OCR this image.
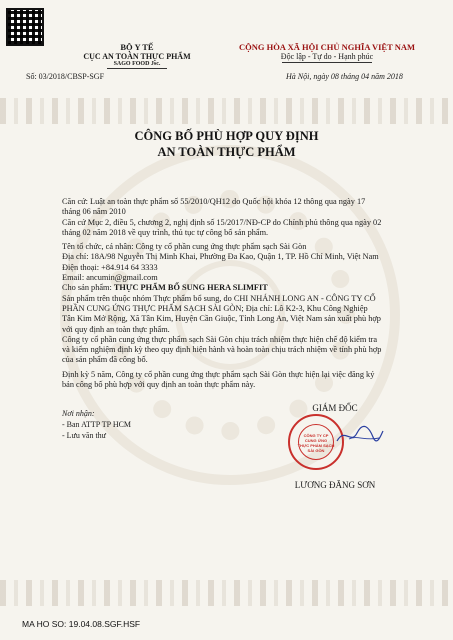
BỘ Y TẾ
CỤC AN TOÀN THỰC PHẨM
SAGO FOOD Jsc.
CỘNG HÒA XÃ HỘI CHỦ NGHĨA VIỆT NAM
Độc lập - Tự do - Hạnh phúc
Số: 03/2018/CBSP-SGF	Hà Nội, ngày 08 tháng 04 năm 2018
CÔNG BỐ PHÙ HỢP QUY ĐỊNH
AN TOÀN THỰC PHẨM

Căn cứ: Luật an toàn thực phẩm số 55/2010/QH12 do Quốc hội khóa 12 thông qua ngày 17 tháng 06 năm 2010

Căn cứ Mục 2, điều 5, chương 2, nghị định số 15/2017/NĐ-CP do Chính phủ thông qua ngày 02 tháng 02 năm 2018 về quy trình, thủ tục tự công bố sản phẩm.

Tên tổ chức, cá nhân: Công ty cổ phần cung ứng thực phẩm sạch Sài Gòn

Địa chỉ: 18A/98 Nguyễn Thị Minh Khai, Phường Đa Kao, Quận 1, TP. Hồ Chí Minh, Việt Nam

Điện thoại: +84.914 64 3333

Email: ancumin@gmail.com

Cho sản phẩm: THỰC PHẨM BỔ SUNG HERA SLIMFIT

Sản phẩm trên thuộc nhóm Thực phẩm bổ sung, do CHI NHÁNH LONG AN - CÔNG TY CỔ PHẦN CUNG ỨNG THỰC PHẨM SẠCH SÀI GÒN; Địa chỉ: Lô K2-3, Khu Công Nghiệp Tân Kim Mở Rộng, Xã Tân Kim, Huyện Cần Giuộc, Tỉnh Long An, Việt Nam sản xuất phù hợp với quy định an toàn thực phẩm.

Công ty cổ phần cung ứng thực phẩm sạch Sài Gòn chịu trách nhiệm thực hiện chế độ kiểm tra và kiểm nghiệm định kỳ theo quy định hiện hành và hoàn toàn chịu trách nhiệm về tính phù hợp của sản phẩm đã công bố.

Định kỳ 5 năm, Công ty cổ phần cung ứng thực phẩm sạch Sài Gòn thực hiện lại việc đăng ký bản công bố phù hợp với quy định an toàn thực phẩm này.

Nơi nhận:
- Ban ATTP TP HCM
- Lưu văn thư
GIÁM ĐỐC
CÔNG TY CP
CUNG ỨNG
THỰC PHẨM SẠCH
SÀI GÒN
LƯƠNG ĐĂNG SƠN
MA HO SO: 19.04.08.SGF.HSF
